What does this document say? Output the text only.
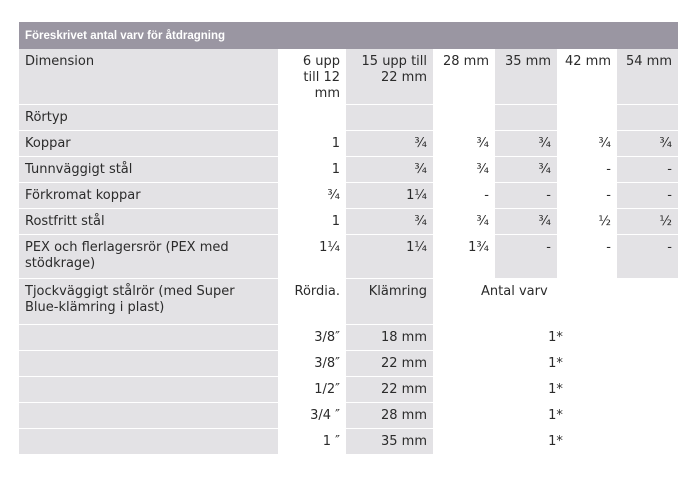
Föreskrivet antal varv för åtdragning
Dimension	6 upp till 12 mm	15 upp till 22 mm	28 mm	35 mm	42 mm	54 mm
Rörtyp						
Koppar	1	¾	¾	¾	¾	¾
Tunnväggigt stål	1	¾	¾	¾	-	-
Förkromat koppar	¾	1¼	-	-	-	-
Rostfritt stål	1	¾	¾	¾	½	½
PEX och flerlagersrör (PEX med stödkrage)	1¼	1¼	1¾	-	-	-
Tjockväggigt stålrör (med Super Blue-klämring i plast)	Rördia.	Klämring	Antal varv			
	3/8″	18 mm	1*			
	3/8″	22 mm	1*			
	1/2″	22 mm	1*			
	3/4 ″	28 mm	1*			
	1 ″	35 mm	1*			
